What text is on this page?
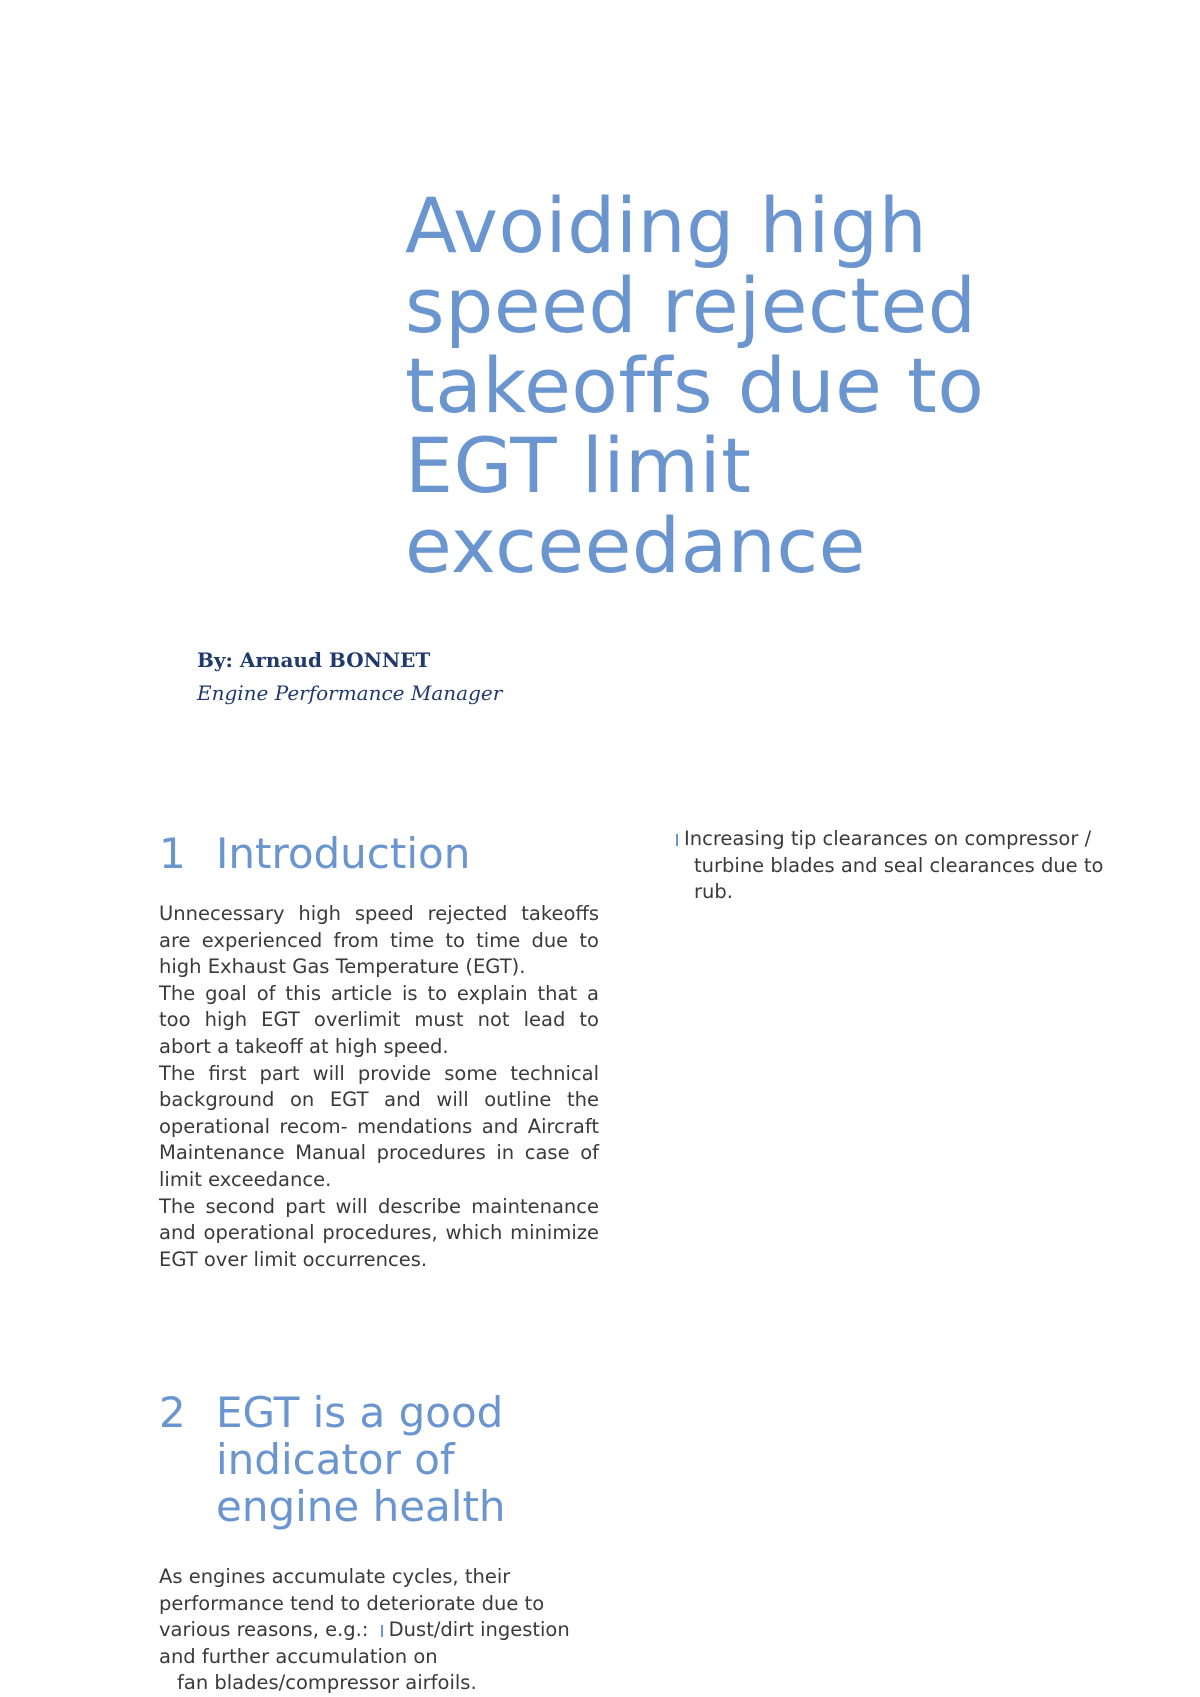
Avoiding high
speed rejected
takeoffs due to
EGT limit
exceedance
By: Arnaud BONNET
Engine Performance Manager
1 Introduction

Unnecessary high speed rejected takeoffs are experienced from time to time due to high Exhaust Gas Temperature (EGT).

The goal of this article is to explain that a too high EGT overlimit must not lead to abort a takeoff at high speed.

The first part will provide some technical background on EGT and will outline the operational recom- mendations and Aircraft Maintenance Manual procedures in case of limit exceedance.

The second part will describe maintenance and operational procedures, which minimize EGT over limit occurrences.

2 EGT is a good
indicator of
engine health
As engines accumulate cycles, their
performance tend to deteriorate due to
various reasons, e.g.: Dust/dirt ingestion
and further accumulation on
fan blades/compressor airfoils.
Increasing tip clearances on compressor /
turbine blades and seal clearances due to
rub.
